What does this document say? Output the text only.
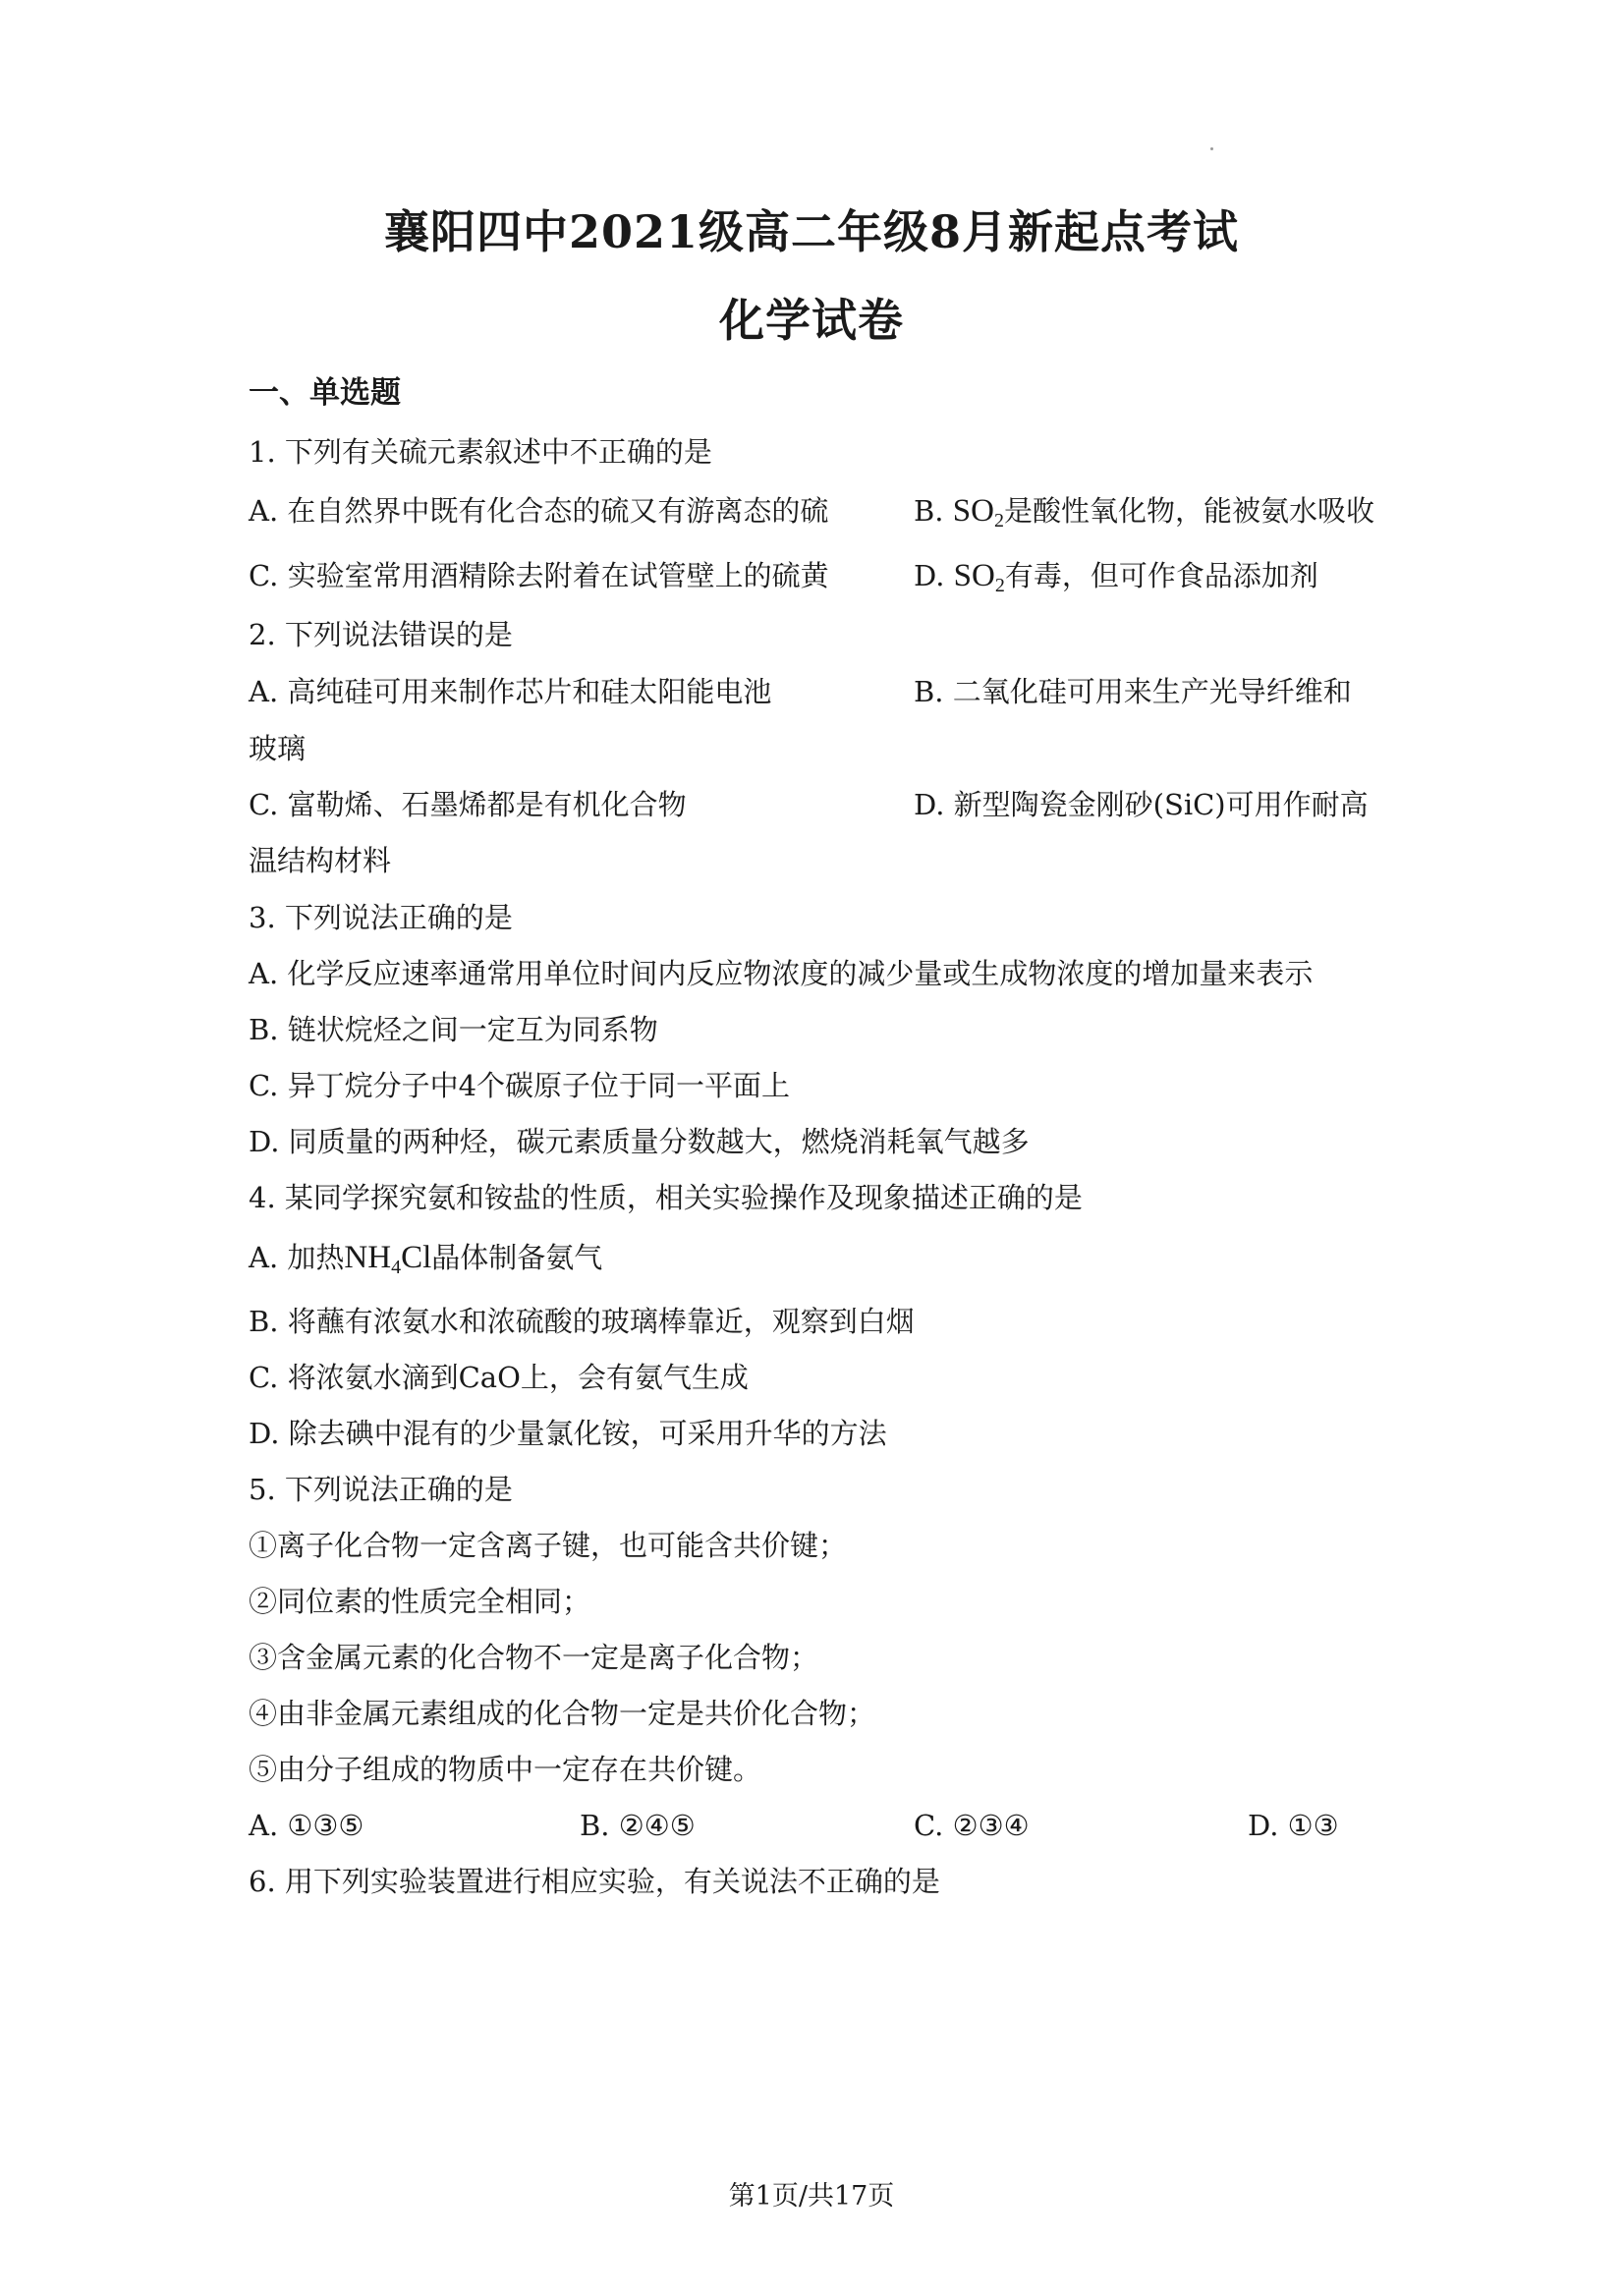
襄阳四中2021级高二年级8月新起点考试
化学试卷
一、单选题
1. 下列有关硫元素叙述中不正确的是
A. 在自然界中既有化合态的硫又有游离态的硫	B. $SO_2$是酸性氧化物，能被氨水吸收
C. 实验室常用酒精除去附着在试管壁上的硫黄	D. $SO_2$有毒，但可作食品添加剂
2. 下列说法错误的是
A. 高纯硅可用来制作芯片和硅太阳能电池	B. 二氧化硅可用来生产光导纤维和
玻璃
C. 富勒烯、石墨烯都是有机化合物	D. 新型陶瓷金刚砂(SiC)可用作耐高
温结构材料
3. 下列说法正确的是
A. 化学反应速率通常用单位时间内反应物浓度的减少量或生成物浓度的增加量来表示
B. 链状烷烃之间一定互为同系物
C. 异丁烷分子中4个碳原子位于同一平面上
D. 同质量的两种烃，碳元素质量分数越大，燃烧消耗氧气越多
4. 某同学探究氨和铵盐的性质，相关实验操作及现象描述正确的是
A. 加热$NH_4Cl$晶体制备氨气
B. 将蘸有浓氨水和浓硫酸的玻璃棒靠近，观察到白烟
C. 将浓氨水滴到CaO上，会有氨气生成
D. 除去碘中混有的少量氯化铵，可采用升华的方法
5. 下列说法正确的是
①离子化合物一定含离子键，也可能含共价键；
②同位素的性质完全相同；
③含金属元素的化合物不一定是离子化合物；
④由非金属元素组成的化合物一定是共价化合物；
⑤由分子组成的物质中一定存在共价键。
A. ①③⑤	B. ②④⑤	C. ②③④	D. ①③
6. 用下列实验装置进行相应实验，有关说法不正确的是
第1页/共17页
